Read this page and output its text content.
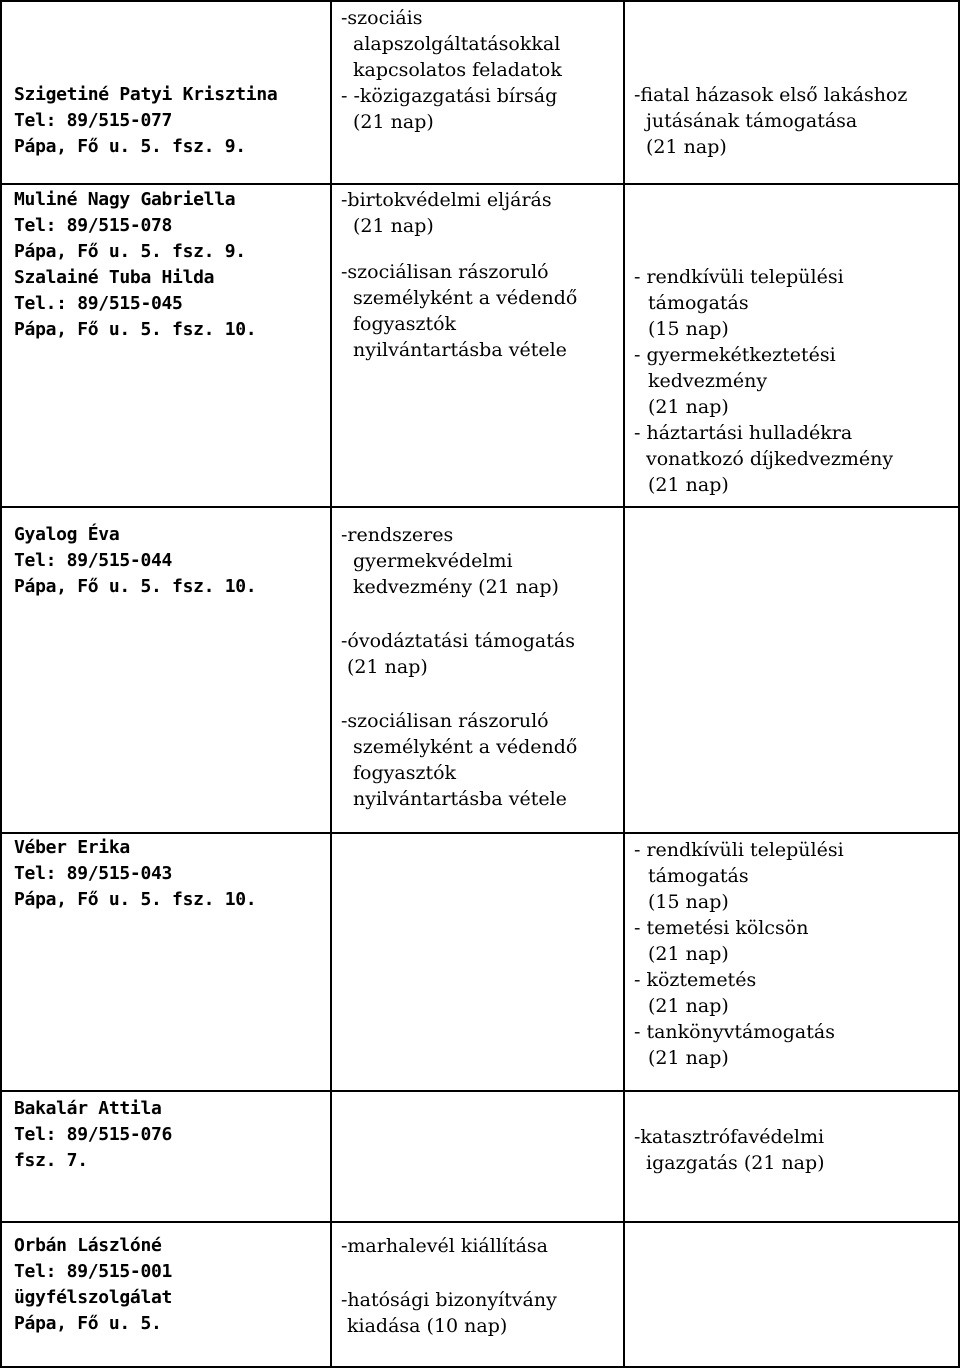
Szigetiné Patyi Krisztina
Tel: 89/515-077
Pápa, Fő u. 5. fsz. 9.
-szociáis
alapszolgáltatásokkal
kapcsolatos feladatok
- -közigazgatási bírság
(21 nap)
-fiatal házasok első lakáshoz
jutásának támogatása
(21 nap)
Muliné Nagy Gabriella
Tel: 89/515-078
Pápa, Fő u. 5. fsz. 9.
Szalainé Tuba Hilda
Tel.: 89/515-045
Pápa, Fő u. 5. fsz. 10.
-birtokvédelmi eljárás
(21 nap)
-szociálisan rászoruló
személyként a védendő
fogyasztók
nyilvántartásba vétele
- rendkívüli települési
támogatás
(15 nap)
- gyermekétkeztetési
kedvezmény
(21 nap)
- háztartási hulladékra
vonatkozó díjkedvezmény
(21 nap)
Gyalog Éva
Tel: 89/515-044
Pápa, Fő u. 5. fsz. 10.
-rendszeres
gyermekvédelmi
kedvezmény (21 nap)
-óvodáztatási támogatás
(21 nap)
-szociálisan rászoruló
személyként a védendő
fogyasztók
nyilvántartásba vétele
Véber Erika
Tel: 89/515-043
Pápa, Fő u. 5. fsz. 10.
- rendkívüli települési
támogatás
(15 nap)
- temetési kölcsön
(21 nap)
- köztemetés
(21 nap)
- tankönyvtámogatás
(21 nap)
Bakalár Attila
Tel: 89/515-076
fsz. 7.
-katasztrófavédelmi
igazgatás (21 nap)
Orbán Lászlóné
Tel: 89/515-001
ügyfélszolgálat
Pápa, Fő u. 5.
-marhalevél kiállítása
-hatósági bizonyítvány
kiadása (10 nap)
